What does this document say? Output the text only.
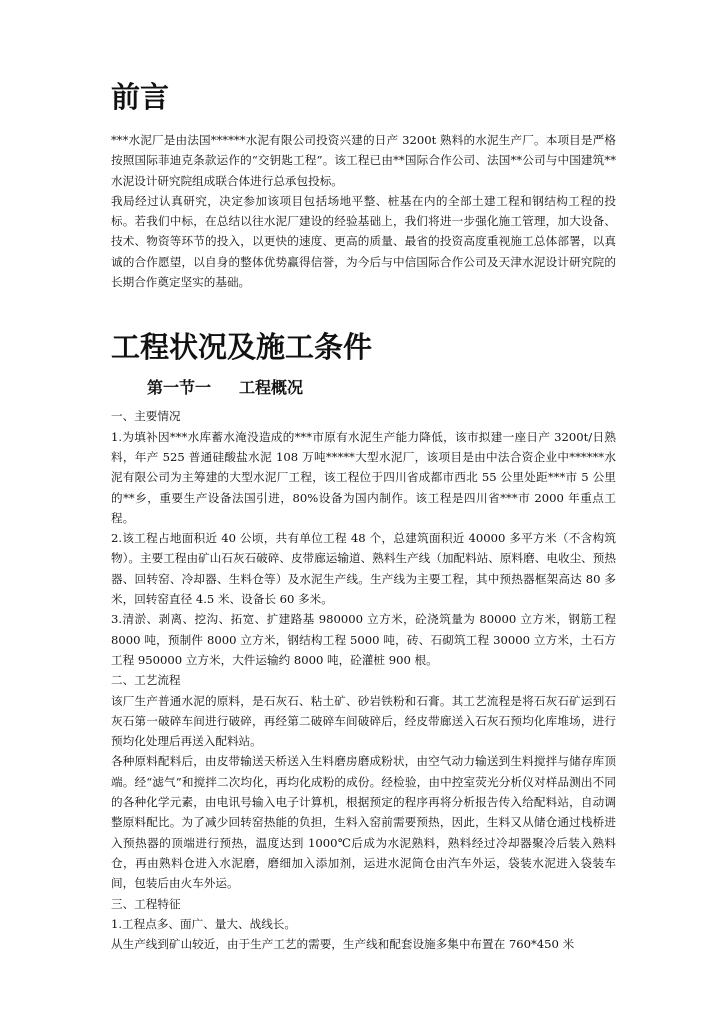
前言

***水泥厂是由法国******水泥有限公司投资兴建的日产 3200t 熟料的水泥生产厂。本项目是严格按照国际菲迪克条款运作的“交钥匙工程”。该工程已由**国际合作公司、法国**公司与中国建筑**水泥设计研究院组成联合体进行总承包投标。

我局经过认真研究，决定参加该项目包括场地平整、桩基在内的全部土建工程和钢结构工程的投标。若我们中标，在总结以往水泥厂建设的经验基础上，我们将进一步强化施工管理，加大设备、技术、物资等环节的投入，以更快的速度、更高的质量、最省的投资高度重视施工总体部署，以真诚的合作愿望，以自身的整体优势赢得信誉，为今后与中信国际合作公司及天津水泥设计研究院的长期合作奠定坚实的基础。

工程状况及施工条件
第一节一 工程概况

一、主要情况

1.为填补因***水库蓄水淹没造成的***市原有水泥生产能力降低，该市拟建一座日产 3200t/日熟料，年产 525 普通硅酸盐水泥 108 万吨*****大型水泥厂，该项目是由中法合资企业中******水泥有限公司为主筹建的大型水泥厂工程，该工程位于四川省成都市西北 55 公里处距***市 5 公里的**乡，重要生产设备法国引进，80%设备为国内制作。该工程是四川省***市 2000 年重点工程。

2.该工程占地面积近 40 公顷，共有单位工程 48 个，总建筑面积近 40000 多平方米（不含构筑物）。主要工程由矿山石灰石破碎、皮带廊运输道、熟料生产线（加配料站、原料磨、电收尘、预热器、回转窑、冷却器、生料仓等）及水泥生产线。生产线为主要工程，其中预热器框架高达 80 多米，回转窑直径 4.5 米、设备长 60 多米。

3.清淤、剥离、挖沟、拓宽、扩建路基 980000 立方米，砼浇筑量为 80000 立方米，钢筋工程 8000 吨，预制件 8000 立方米，钢结构工程 5000 吨，砖、石砌筑工程 30000 立方米，土石方工程 950000 立方米，大件运输约 8000 吨，砼灌桩 900 根。

二、工艺流程

该厂生产普通水泥的原料，是石灰石、粘土矿、砂岩铁粉和石膏。其工艺流程是将石灰石矿运到石灰石第一破碎车间进行破碎，再经第二破碎车间破碎后，经皮带廊送入石灰石预均化库堆场，进行预均化处理后再送入配料站。

各种原料配料后，由皮带输送天桥送入生料磨房磨成粉状，由空气动力输送到生料搅拌与储存库顶端。经“滤气”和搅拌二次均化，再均化成粉的成份。经检验，由中控室荧光分析仪对样品测出不同的各种化学元素，由电讯号输入电子计算机，根据预定的程序再将分析报告传入给配料站，自动调整原料配比。为了减少回转窑热能的负担，生料入窑前需要预热，因此，生料又从储仓通过栈桥进入预热器的顶端进行预热，温度达到 1000℃后成为水泥熟料，熟料经过冷却器聚冷后装入熟料仓，再由熟料仓进入水泥磨，磨细加入添加剂，运进水泥筒仓由汽车外运，袋装水泥进入袋装车间，包装后由火车外运。

三、工程特征

1.工程点多、面广、量大、战线长。

从生产线到矿山较近，由于生产工艺的需要，生产线和配套设施多集中布置在 760*450 米
